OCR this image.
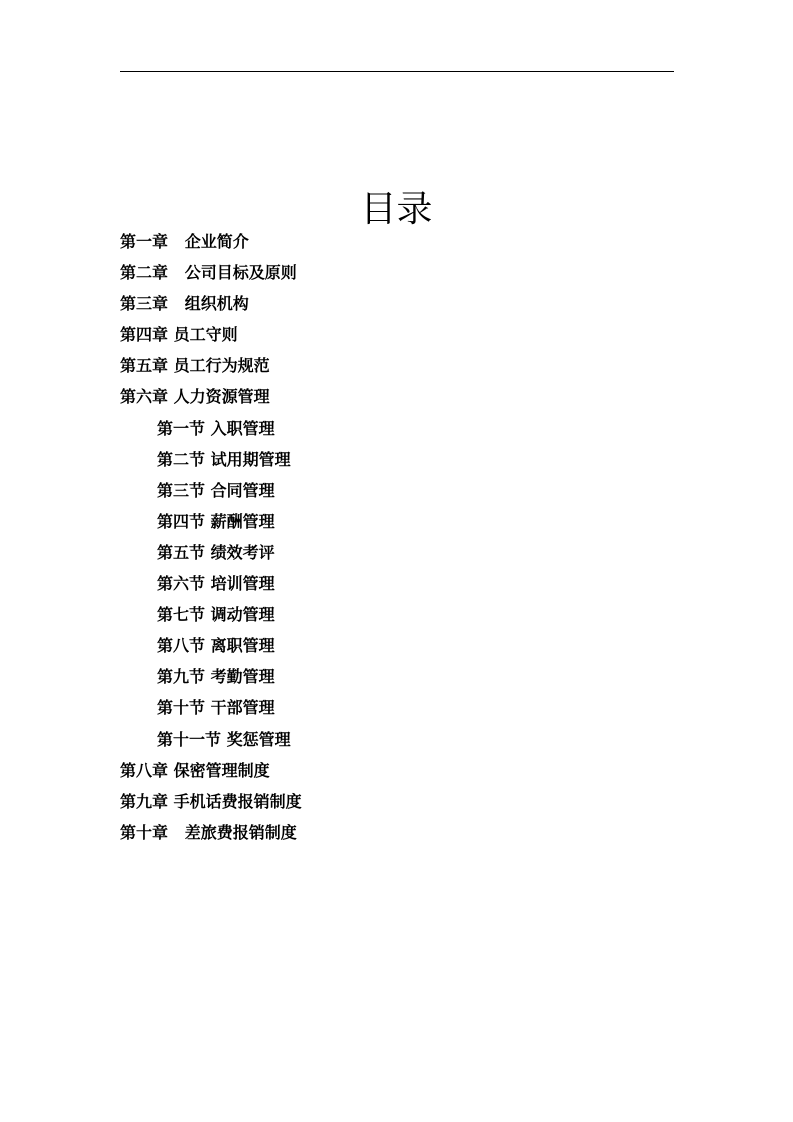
目录
第一章 企业简介
第二章 公司目标及原则
第三章 组织机构
第四章 员工守则
第五章 员工行为规范
第六章 人力资源管理
第一节 入职管理
第二节 试用期管理
第三节 合同管理
第四节 薪酬管理
第五节 绩效考评
第六节 培训管理
第七节 调动管理
第八节 离职管理
第九节 考勤管理
第十节 干部管理
第十一节 奖惩管理
第八章 保密管理制度
第九章 手机话费报销制度
第十章 差旅费报销制度
